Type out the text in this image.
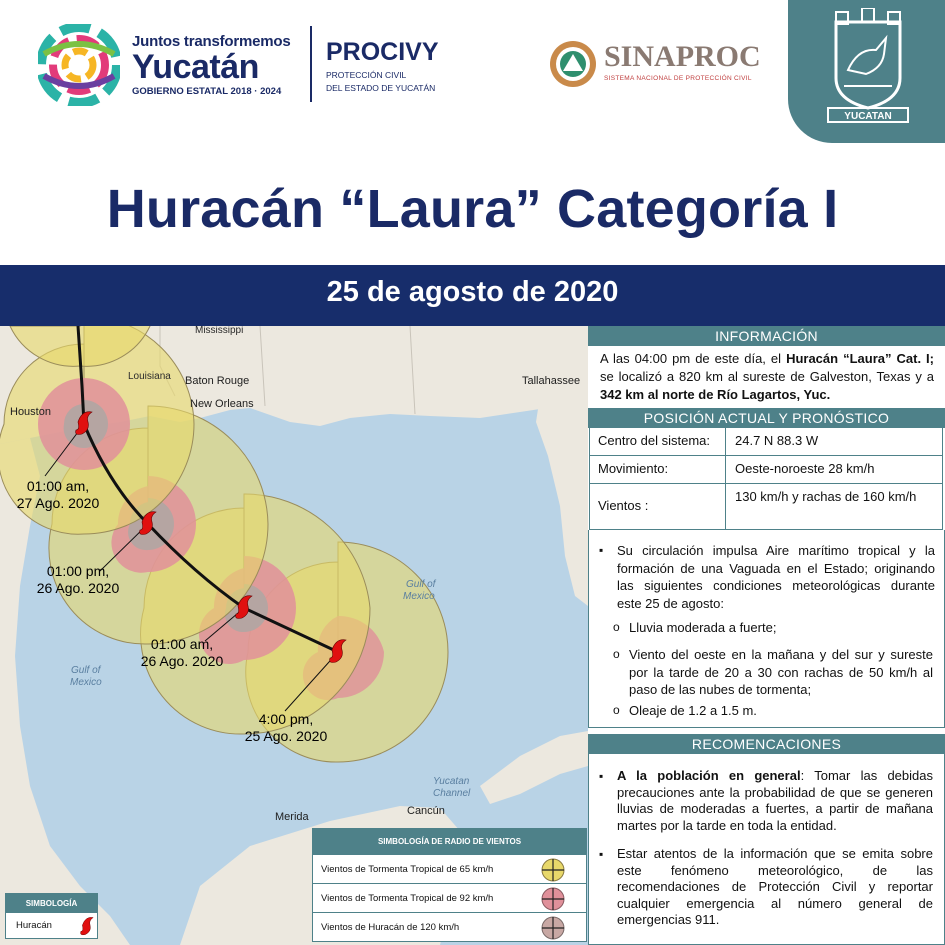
Juntos transformemos
Yucatán
GOBIERNO ESTATAL 2018 · 2024
PROCIVY
PROTECCIÓN CIVIL
DEL ESTADO DE YUCATÁN
SINAPROC
SISTEMA NACIONAL DE PROTECCIÓN CIVIL
YUCATAN
Huracán “Laura” Categoría I
25 de agosto de 2020
Mississippi
Louisiana Baton Rouge
New Orleans
Tallahassee
Houston
Gulf of
Mexico
Gulf of
Mexico
Yucatan
Channel
Cancún
Merida
01:00 am,
27 Ago. 2020
01:00 pm,
26 Ago. 2020
01:00 am,
26 Ago. 2020
4:00 pm,
25 Ago. 2020
SIMBOLOGÍA
Huracán
SIMBOLOGÍA DE RADIO DE VIENTOS
Vientos de Tormenta Tropical de 65 km/h
Vientos de Tormenta Tropical de 92 km/h
Vientos de Huracán de 120 km/h
INFORMACIÓN
A las 04:00 pm de este día, el Huracán “Laura” Cat. I; se localizó a 820 km al sureste de Galveston, Texas y a 342 km al norte de Río Lagartos, Yuc.
POSICIÓN ACTUAL Y PRONÓSTICO
Centro del sistema: 24.7 N 88.3 W
Movimiento:	Oeste-noroeste 28 km/h
Vientos :
130 km/h y rachas de 160 km/h
▪ Su circulación impulsa Aire marítimo tropical y la formación de una Vaguada en el Estado; originando las siguientes condiciones meteorológicas durante este 25 de agosto:
o Lluvia moderada a fuerte;
o Viento del oeste en la mañana y del sur y sureste por la tarde de 20 a 30 con rachas de 50 km/h al paso de las nubes de tormenta;
o Oleaje de 1.2 a 1.5 m.
RECOMENCACIONES
▪ A la población en general: Tomar las debidas precauciones ante la probabilidad de que se generen lluvias de moderadas a fuertes, a partir de mañana martes por la tarde en toda la entidad.
▪ Estar atentos de la información que se emita sobre este fenómeno meteorológico, de las recomendaciones de Protección Civil y reportar cualquier emergencia al número general de emergencias 911.
